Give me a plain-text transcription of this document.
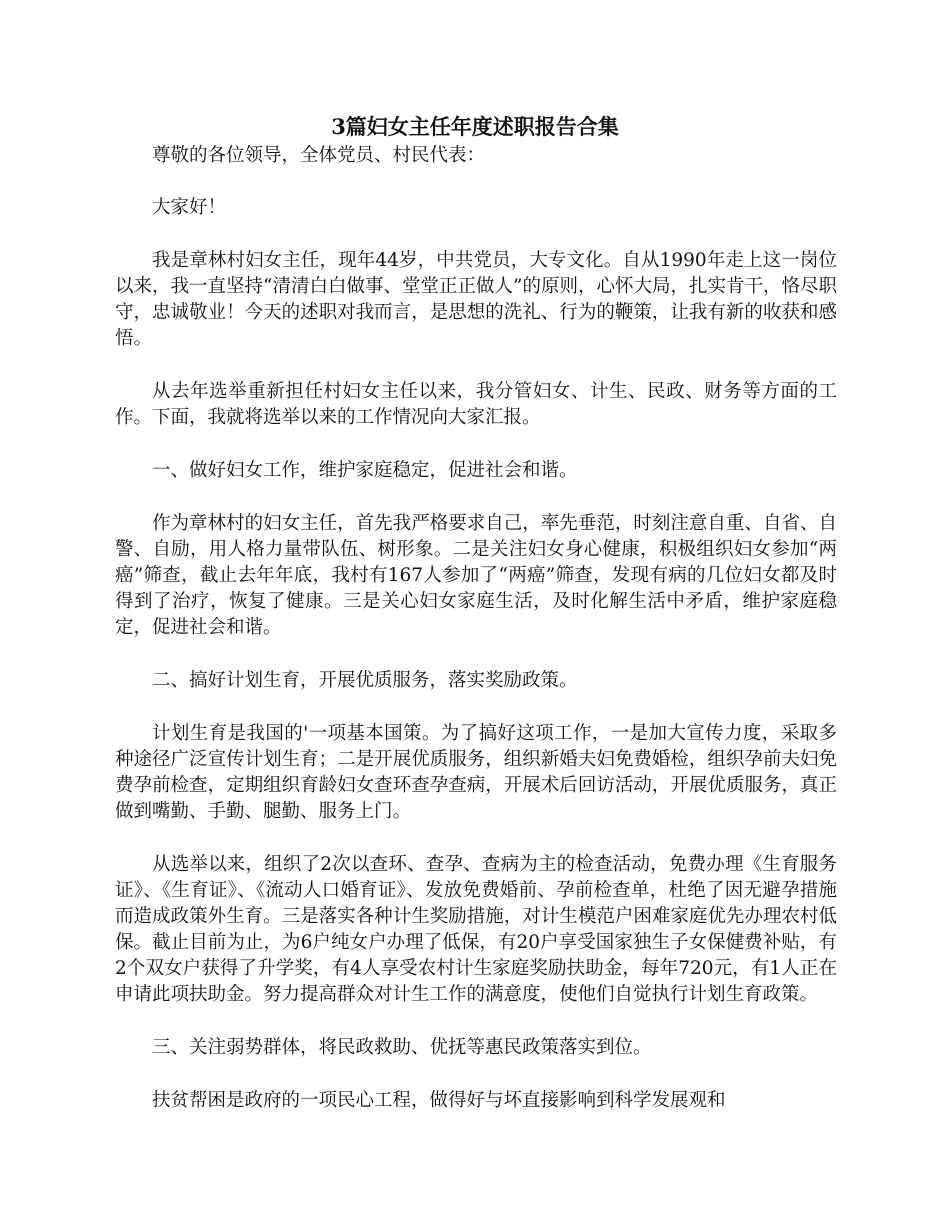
3篇妇女主任年度述职报告合集

尊敬的各位领导，全体党员、村民代表：

大家好！

我是章林村妇女主任，现年44岁，中共党员，大专文化。自从1990年走上这一岗位以来，我一直坚持“清清白白做事、堂堂正正做人”的原则，心怀大局，扎实肯干，恪尽职守，忠诚敬业！今天的述职对我而言，是思想的洗礼、行为的鞭策，让我有新的收获和感悟。

从去年选举重新担任村妇女主任以来，我分管妇女、计生、民政、财务等方面的工作。下面，我就将选举以来的工作情况向大家汇报。

一、做好妇女工作，维护家庭稳定，促进社会和谐。

作为章林村的妇女主任，首先我严格要求自己，率先垂范，时刻注意自重、自省、自警、自励，用人格力量带队伍、树形象。二是关注妇女身心健康，积极组织妇女参加“两癌”筛查，截止去年年底，我村有167人参加了“两癌”筛查，发现有病的几位妇女都及时得到了治疗，恢复了健康。三是关心妇女家庭生活，及时化解生活中矛盾，维护家庭稳定，促进社会和谐。

二、搞好计划生育，开展优质服务，落实奖励政策。

计划生育是我国的'一项基本国策。为了搞好这项工作，一是加大宣传力度，采取多种途径广泛宣传计划生育；二是开展优质服务，组织新婚夫妇免费婚检，组织孕前夫妇免费孕前检查，定期组织育龄妇女查环查孕查病，开展术后回访活动，开展优质服务，真正做到嘴勤、手勤、腿勤、服务上门。

从选举以来，组织了2次以查环、查孕、查病为主的检查活动，免费办理《生育服务证》、《生育证》、《流动人口婚育证》、发放免费婚前、孕前检查单，杜绝了因无避孕措施而造成政策外生育。三是落实各种计生奖励措施，对计生模范户困难家庭优先办理农村低保。截止目前为止，为6户纯女户办理了低保，有20户享受国家独生子女保健费补贴，有2个双女户获得了升学奖，有4人享受农村计生家庭奖励扶助金，每年720元，有1人正在申请此项扶助金。努力提高群众对计生工作的满意度，使他们自觉执行计划生育政策。

三、关注弱势群体，将民政救助、优抚等惠民政策落实到位。

扶贫帮困是政府的一项民心工程，做得好与坏直接影响到科学发展观和
